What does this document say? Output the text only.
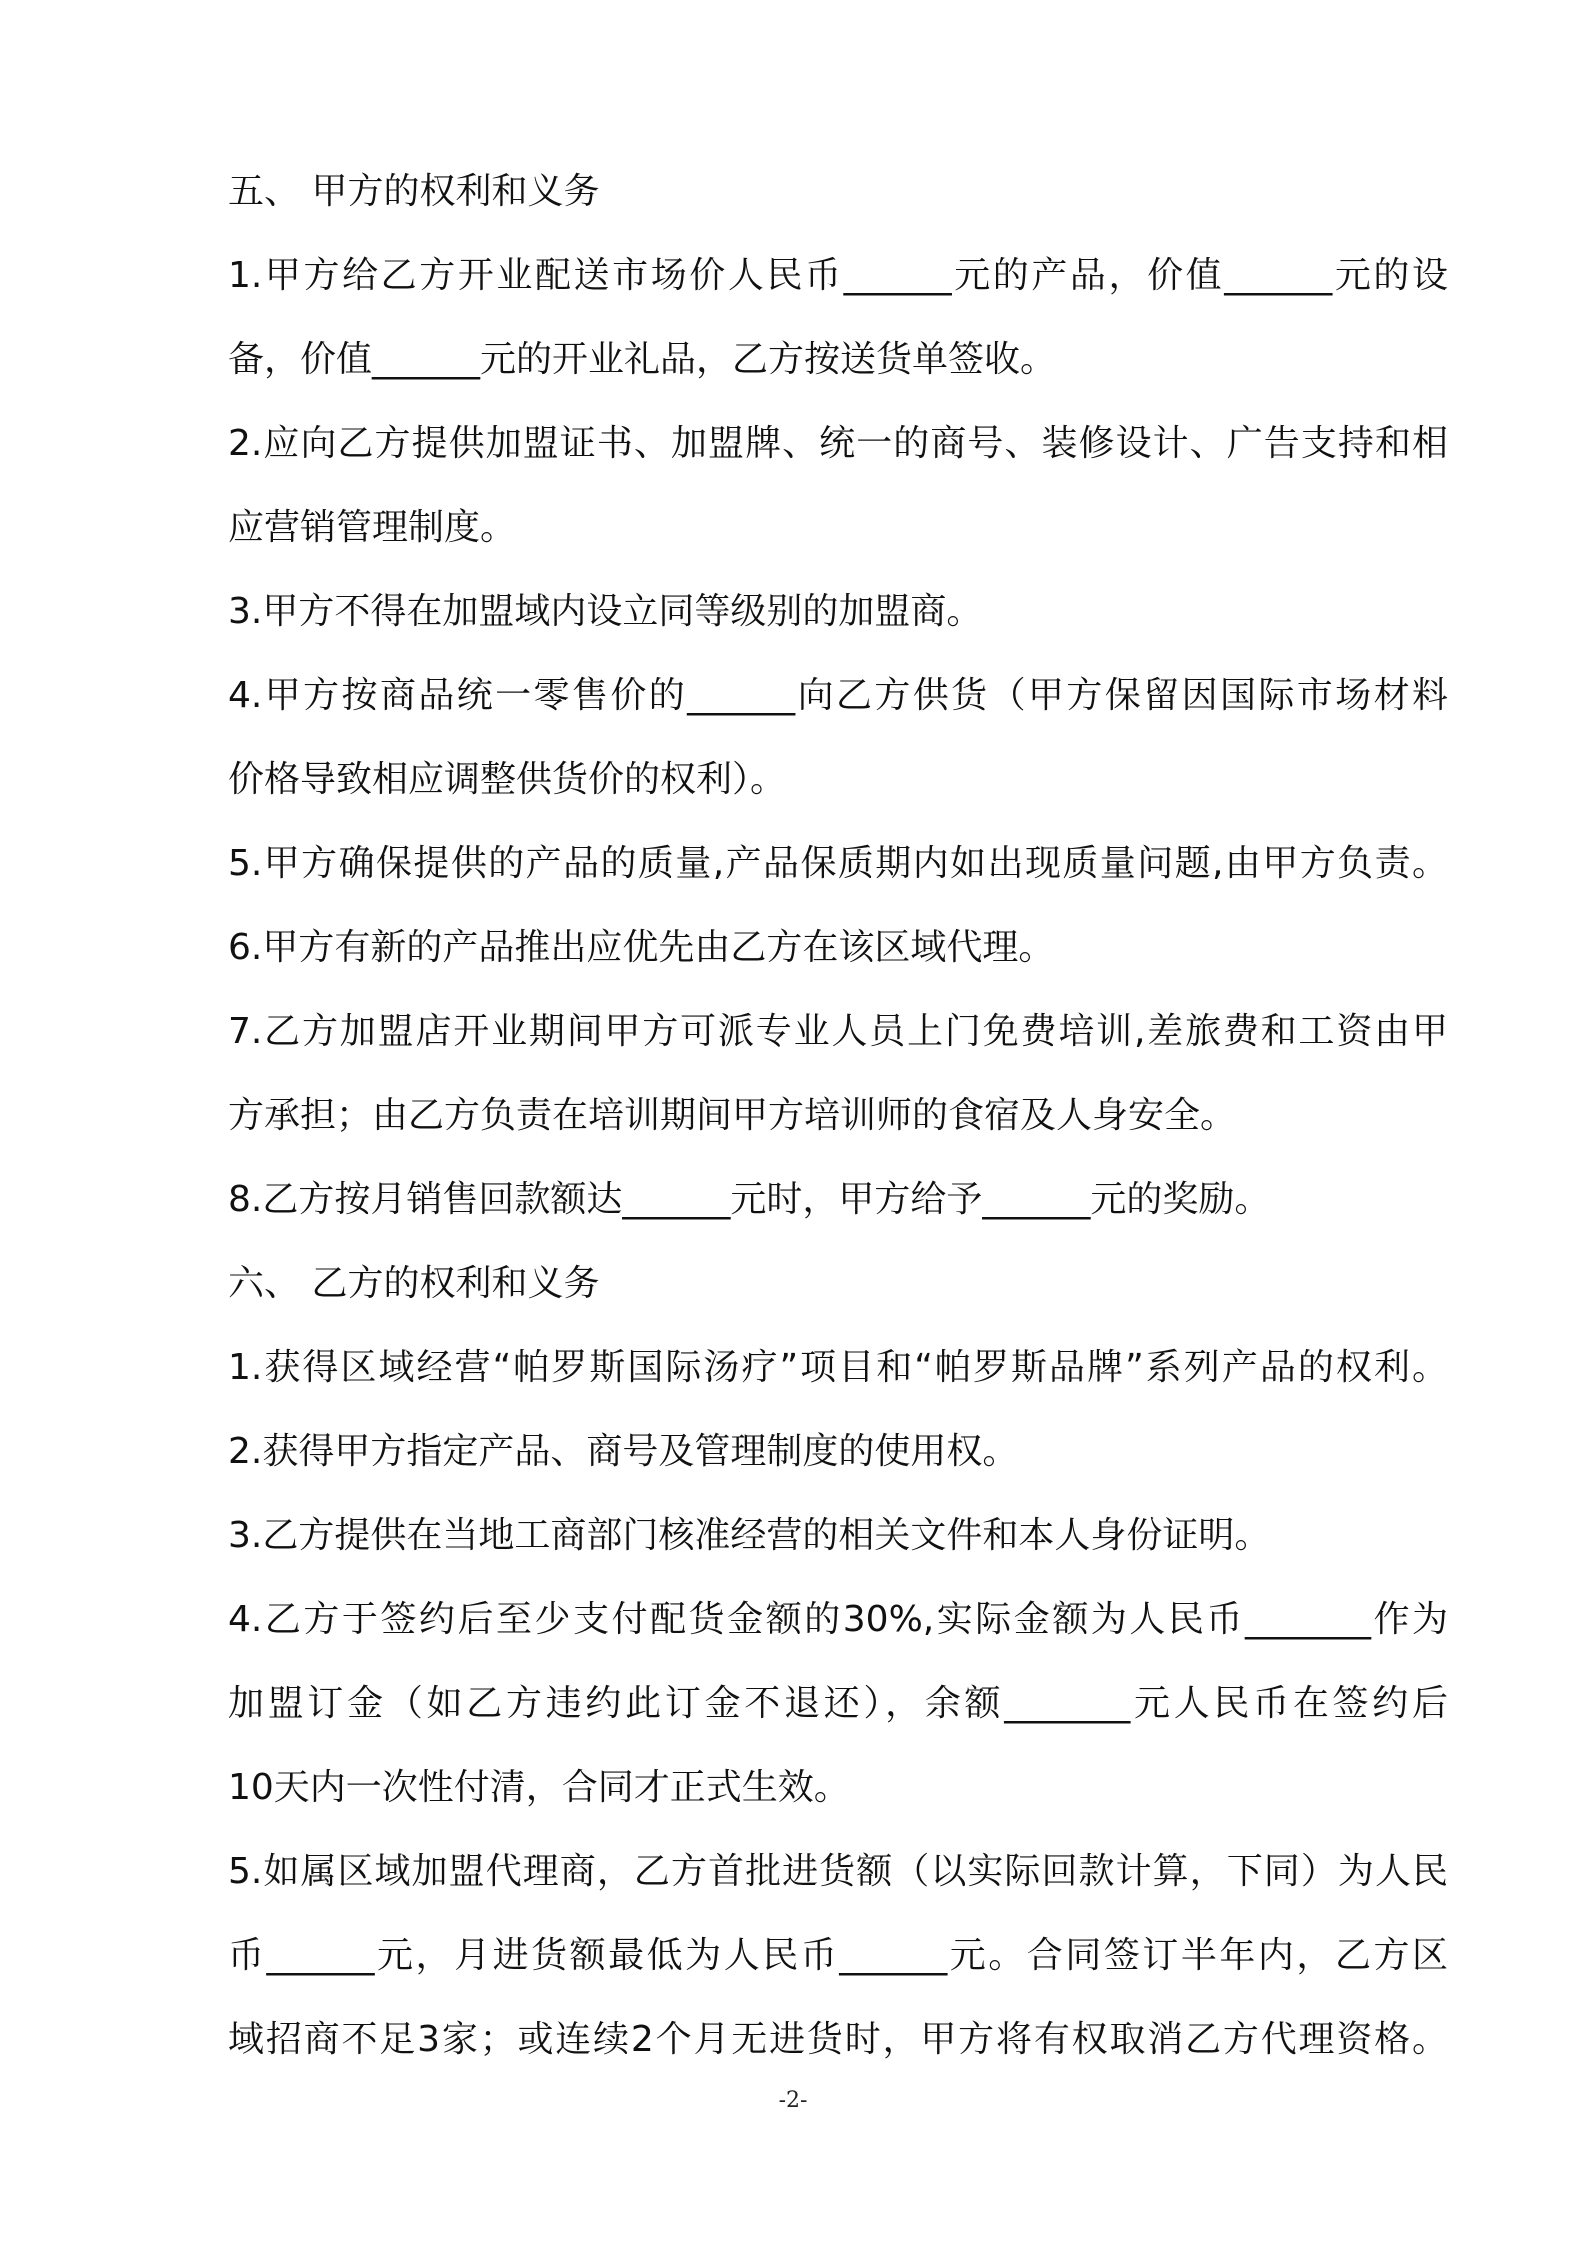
五、 甲方的权利和义务
1.甲方给乙方开业配送市场价人民币______元的产品，价值______元的设
备，价值______元的开业礼品，乙方按送货单签收。
2.应向乙方提供加盟证书、加盟牌、统一的商号、装修设计、广告支持和相
应营销管理制度。
3.甲方不得在加盟域内设立同等级别的加盟商。
4.甲方按商品统一零售价的______向乙方供货（甲方保留因国际市场材料
价格导致相应调整供货价的权利）。
5.甲方确保提供的产品的质量,产品保质期内如出现质量问题,由甲方负责。
6.甲方有新的产品推出应优先由乙方在该区域代理。
7.乙方加盟店开业期间甲方可派专业人员上门免费培训,差旅费和工资由甲
方承担；由乙方负责在培训期间甲方培训师的食宿及人身安全。
8.乙方按月销售回款额达______元时，甲方给予______元的奖励。
六、 乙方的权利和义务
1.获得区域经营“帕罗斯国际汤疗”项目和“帕罗斯品牌”系列产品的权利。
2.获得甲方指定产品、商号及管理制度的使用权。
3.乙方提供在当地工商部门核准经营的相关文件和本人身份证明。
4.乙方于签约后至少支付配货金额的30%,实际金额为人民币_______作为
加盟订金（如乙方违约此订金不退还），余额_______元人民币在签约后
10天内一次性付清，合同才正式生效。
5.如属区域加盟代理商，乙方首批进货额（以实际回款计算，下同）为人民
币______元，月进货额最低为人民币______元。合同签订半年内，乙方区
域招商不足3家；或连续2个月无进货时，甲方将有权取消乙方代理资格。
-2-
